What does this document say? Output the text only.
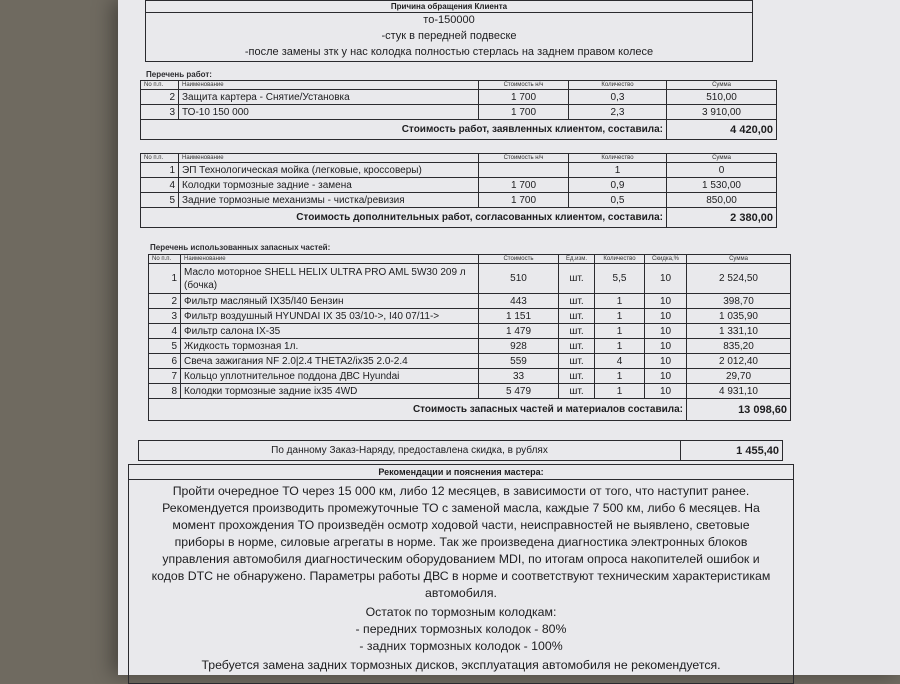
Причина обращения Клиента
то-150000
-стук в передней подвеске
-после замены зтк у нас колодка полностью стерлась на заднем правом колесе
Перечень работ:
No п.п.	Наименование	Стоимость н/ч	Количество	Сумма
2	Защита картера - Снятие/Установка	1 700	0,3	510,00
3	ТО-10 150 000	1 700	2,3	3 910,00
Стоимость работ, заявленных клиентом, составила:				4 420,00
No п.п.	Наименование	Стоимость н/ч	Количество	Сумма
1	ЭП Технологическая мойка (легковые, кроссоверы)		1	0
4	Колодки тормозные задние - замена	1 700	0,9	1 530,00
5	Задние тормозные механизмы - чистка/ревизия	1 700	0,5	850,00
Стоимость дополнительных работ, согласованных клиентом, составила:				2 380,00
Перечень использованных запасных частей:
No п.п.	Наименование	Стоимость	Ед.изм.	Количество	Скидка,%	Сумма
1	Масло моторное SHELL HELIX ULTRA PRO AML 5W30 209 л
(бочка)	510	шт.	5,5	10	2 524,50
2	Фильтр масляный IX35/I40 Бензин	443	шт.	1	10	398,70
3	Фильтр воздушный HYUNDAI IX 35 03/10->, I40 07/11->	1 151	шт.	1	10	1 035,90
4	Фильтр салона IX-35	1 479	шт.	1	10	1 331,10
5	Жидкость тормозная 1л.	928	шт.	1	10	835,20
6	Свеча зажигания NF 2.0|2.4 THETA2/ix35 2.0-2.4	559	шт.	4	10	2 012,40
7	Кольцо уплотнительное поддона ДВС Hyundai	33	шт.	1	10	29,70
8	Колодки тормозные задние ix35 4WD	5 479	шт.	1	10	4 931,10
Стоимость запасных частей и материалов составила:						13 098,60
По данному Заказ-Наряду, предоставлена скидка, в рублях	1 455,40
Рекомендации и пояснения мастера:
Пройти очередное ТО через 15 000 км, либо 12 месяцев, в зависимости от того, что наступит ранее.
Рекомендуется производить промежуточные ТО с заменой масла, каждые 7 500 км, либо 6 месяцев. На
момент прохождения ТО произведён осмотр ходовой части, неисправностей не выявлено, световые
приборы в норме, силовые агрегаты в норме. Так же произведена диагностика электронных блоков
управления автомобиля диагностическим оборудованием MDI, по итогам опроса накопителей ошибок и
кодов DTC не обнаружено. Параметры работы ДВС в норме и соответствуют техническим характеристикам
автомобиля.
Остаток по тормозным колодкам:
- передних тормозных колодок - 80%
- задних тормозных колодок - 100%
Требуется замена задних тормозных дисков, эксплуатация автомобиля не рекомендуется.
